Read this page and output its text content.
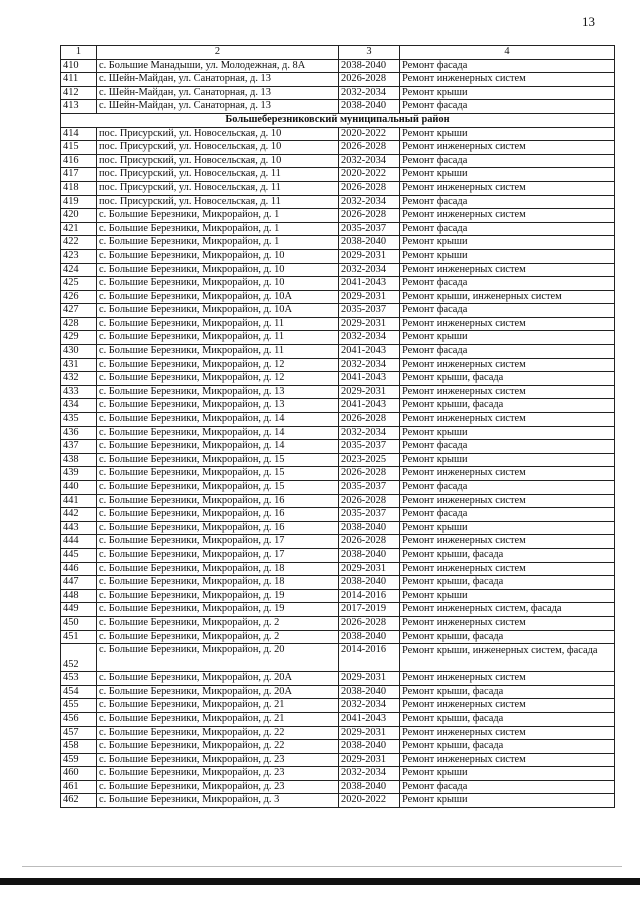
13
1	2	3	4
410	с. Большие Манадыши, ул. Молодежная, д. 8А	2038-2040	Ремонт фасада
411	с. Шейн-Майдан, ул. Санаторная, д. 13	2026-2028	Ремонт инженерных систем
412	с. Шейн-Майдан, ул. Санаторная, д. 13	2032-2034	Ремонт крыши
413	с. Шейн-Майдан, ул. Санаторная, д. 13	2038-2040	Ремонт фасада
Большеберезниковский муниципальный район			
414	пос. Присурский, ул. Новосельская, д. 10	2020-2022	Ремонт крыши
415	пос. Присурский, ул. Новосельская, д. 10	2026-2028	Ремонт инженерных систем
416	пос. Присурский, ул. Новосельская, д. 10	2032-2034	Ремонт фасада
417	пос. Присурский, ул. Новосельская, д. 11	2020-2022	Ремонт крыши
418	пос. Присурский, ул. Новосельская, д. 11	2026-2028	Ремонт инженерных систем
419	пос. Присурский, ул. Новосельская, д. 11	2032-2034	Ремонт фасада
420	с. Большие Березники, Микрорайон, д. 1	2026-2028	Ремонт инженерных систем
421	с. Большие Березники, Микрорайон, д. 1	2035-2037	Ремонт фасада
422	с. Большие Березники, Микрорайон, д. 1	2038-2040	Ремонт крыши
423	с. Большие Березники, Микрорайон, д. 10	2029-2031	Ремонт крыши
424	с. Большие Березники, Микрорайон, д. 10	2032-2034	Ремонт инженерных систем
425	с. Большие Березники, Микрорайон, д. 10	2041-2043	Ремонт фасада
426	с. Большие Березники, Микрорайон, д. 10А	2029-2031	Ремонт крыши, инженерных систем
427	с. Большие Березники, Микрорайон, д. 10А	2035-2037	Ремонт фасада
428	с. Большие Березники, Микрорайон, д. 11	2029-2031	Ремонт инженерных систем
429	с. Большие Березники, Микрорайон, д. 11	2032-2034	Ремонт крыши
430	с. Большие Березники, Микрорайон, д. 11	2041-2043	Ремонт фасада
431	с. Большие Березники, Микрорайон, д. 12	2032-2034	Ремонт инженерных систем
432	с. Большие Березники, Микрорайон, д. 12	2041-2043	Ремонт крыши, фасада
433	с. Большие Березники, Микрорайон, д. 13	2029-2031	Ремонт инженерных систем
434	с. Большие Березники, Микрорайон, д. 13	2041-2043	Ремонт крыши, фасада
435	с. Большие Березники, Микрорайон, д. 14	2026-2028	Ремонт инженерных систем
436	с. Большие Березники, Микрорайон, д. 14	2032-2034	Ремонт крыши
437	с. Большие Березники, Микрорайон, д. 14	2035-2037	Ремонт фасада
438	с. Большие Березники, Микрорайон, д. 15	2023-2025	Ремонт крыши
439	с. Большие Березники, Микрорайон, д. 15	2026-2028	Ремонт инженерных систем
440	с. Большие Березники, Микрорайон, д. 15	2035-2037	Ремонт фасада
441	с. Большие Березники, Микрорайон, д. 16	2026-2028	Ремонт инженерных систем
442	с. Большие Березники, Микрорайон, д. 16	2035-2037	Ремонт фасада
443	с. Большие Березники, Микрорайон, д. 16	2038-2040	Ремонт крыши
444	с. Большие Березники, Микрорайон, д. 17	2026-2028	Ремонт инженерных систем
445	с. Большие Березники, Микрорайон, д. 17	2038-2040	Ремонт крыши, фасада
446	с. Большие Березники, Микрорайон, д. 18	2029-2031	Ремонт инженерных систем
447	с. Большие Березники, Микрорайон, д. 18	2038-2040	Ремонт крыши, фасада
448	с. Большие Березники, Микрорайон, д. 19	2014-2016	Ремонт крыши
449	с. Большие Березники, Микрорайон, д. 19	2017-2019	Ремонт инженерных систем, фасада
450	с. Большие Березники, Микрорайон, д. 2	2026-2028	Ремонт инженерных систем
451	с. Большие Березники, Микрорайон, д. 2	2038-2040	Ремонт крыши, фасада
452	с. Большие Березники, Микрорайон, д. 20	2014-2016	Ремонт крыши, инженерных систем, фасада
453	с. Большие Березники, Микрорайон, д. 20А	2029-2031	Ремонт инженерных систем
454	с. Большие Березники, Микрорайон, д. 20А	2038-2040	Ремонт крыши, фасада
455	с. Большие Березники, Микрорайон, д. 21	2032-2034	Ремонт инженерных систем
456	с. Большие Березники, Микрорайон, д. 21	2041-2043	Ремонт крыши, фасада
457	с. Большие Березники, Микрорайон, д. 22	2029-2031	Ремонт инженерных систем
458	с. Большие Березники, Микрорайон, д. 22	2038-2040	Ремонт крыши, фасада
459	с. Большие Березники, Микрорайон, д. 23	2029-2031	Ремонт инженерных систем
460	с. Большие Березники, Микрорайон, д. 23	2032-2034	Ремонт крыши
461	с. Большие Березники, Микрорайон, д. 23	2038-2040	Ремонт фасада
462	с. Большие Березники, Микрорайон, д. 3	2020-2022	Ремонт крыши
